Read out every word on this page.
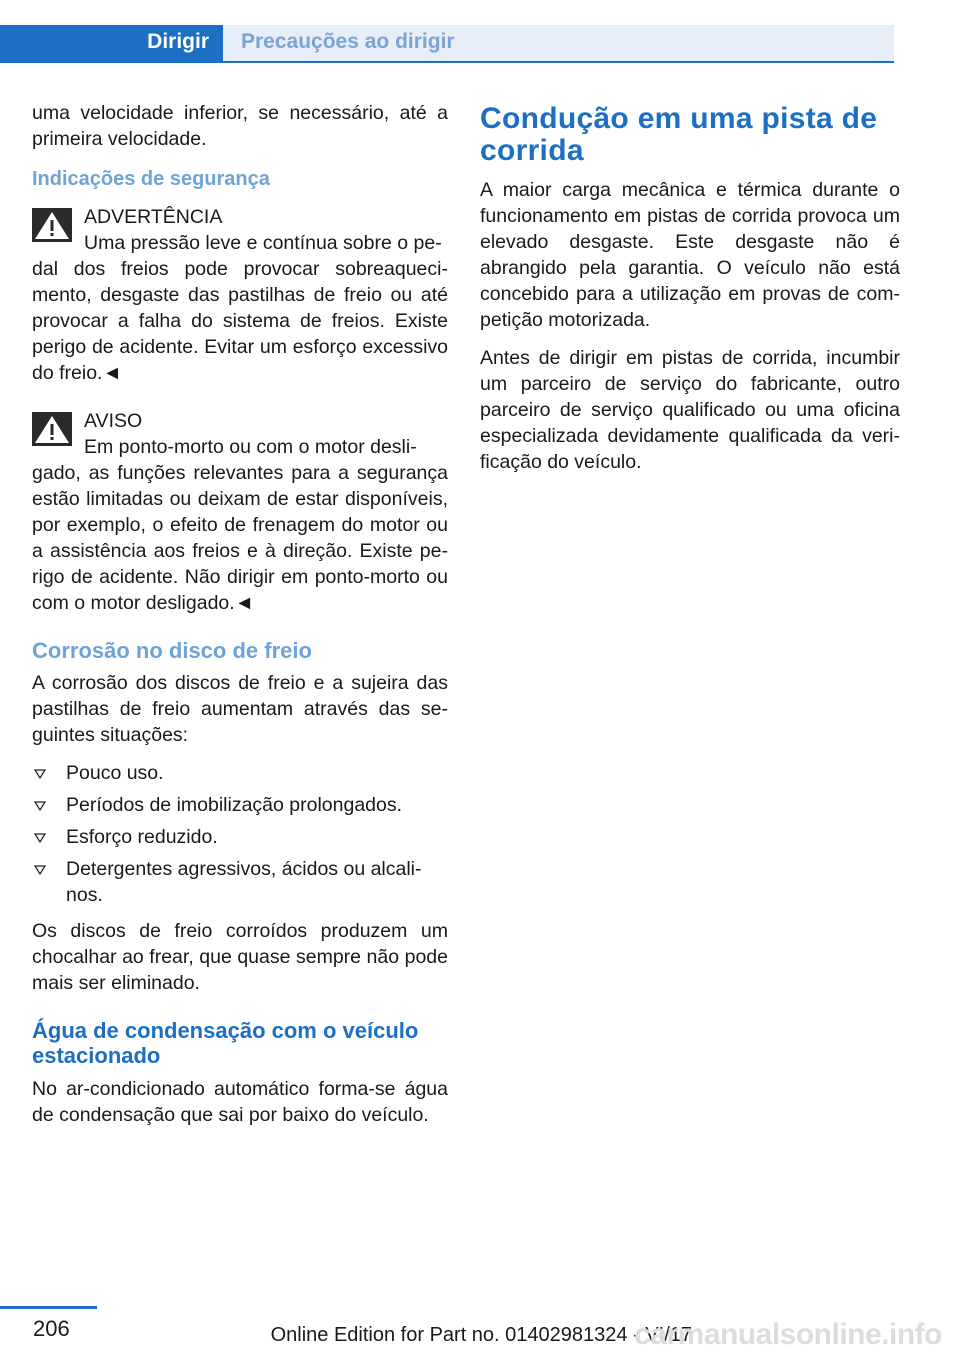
Dirigir Precauções ao dirigir

uma velocidade inferior, se necessário, até a primeira velocidade.

Indicações de segurança
ADVERTÊNCIA
Uma pressão leve e contínua sobre o pe-

dal dos freios pode provocar sobreaquecimento, desgaste das pastilhas de freio ou até provocar a falha do sistema de freios. Existe perigo de acidente. Evitar um esforço excessivo do freio.◄

AVISO
Em ponto-morto ou com o motor desli-

gado, as funções relevantes para a segurança estão limitadas ou deixam de estar disponíveis, por exemplo, o efeito de frenagem do motor ou a assistência aos freios e à direção. Existe perigo de acidente. Não dirigir em ponto-morto ou com o motor desligado.◄

Corrosão no disco de freio

A corrosão dos discos de freio e a sujeira das pastilhas de freio aumentam através das seguintes situações:

Pouco uso.
Períodos de imobilização prolongados.
Esforço reduzido.
Detergentes agressivos, ácidos ou alcalinos.

Os discos de freio corroídos produzem um chocalhar ao frear, que quase sempre não pode mais ser eliminado.

Água de condensação com o veículo estacionado

No ar-condicionado automático forma-se água de condensação que sai por baixo do veículo.

Condução em uma pista de corrida

A maior carga mecânica e térmica durante o funcionamento em pistas de corrida provoca um elevado desgaste. Este desgaste não é abrangido pela garantia. O veículo não está concebido para a utilização em provas de competição motorizada.

Antes de dirigir em pistas de corrida, incumbir um parceiro de serviço do fabricante, outro parceiro de serviço qualificado ou uma oficina especializada devidamente qualificada da verificação do veículo.

206	Online Edition for Part no. 01402981324 - VI/17
carmanualsonline.info
